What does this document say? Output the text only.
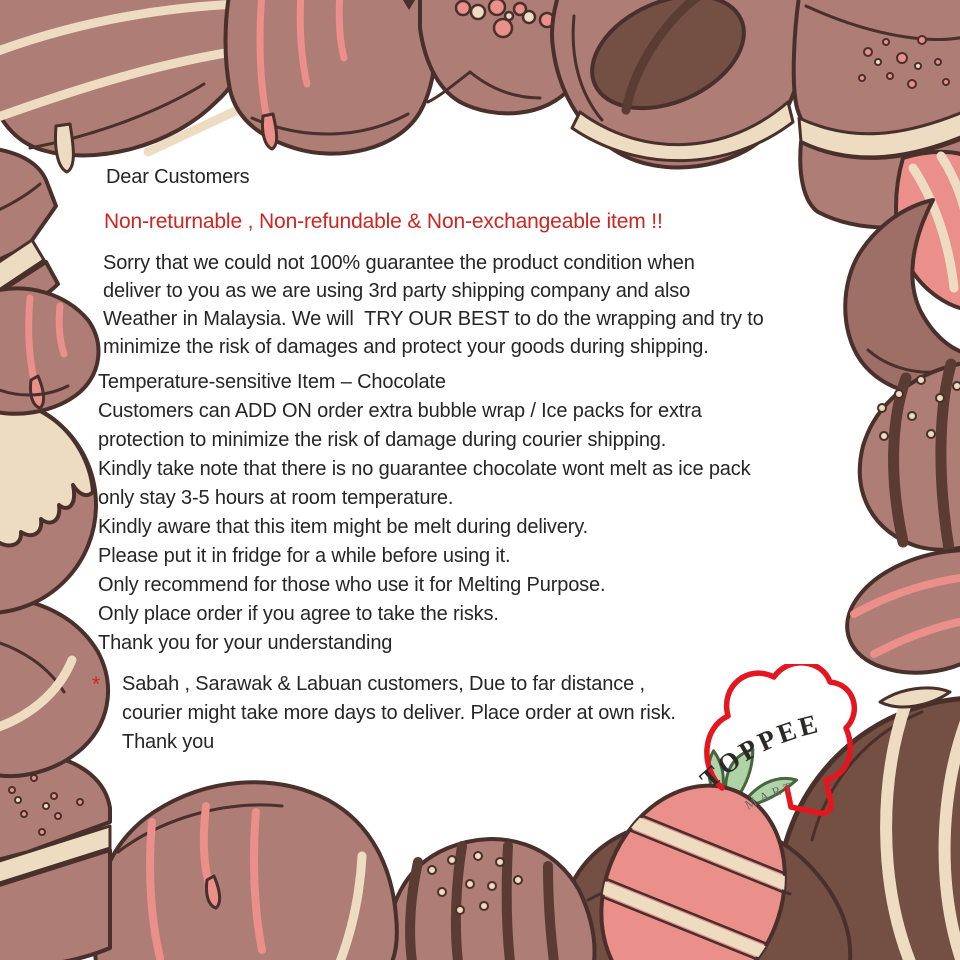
Dear Customers
Non-returnable , Non-refundable & Non-exchangeable item !!
Sorry that we could not 100% guarantee the product condition when
deliver to you as we are using 3rd party shipping company and also
Weather in Malaysia. We will  TRY OUR BEST to do the wrapping and try to
minimize the risk of damages and protect your goods during shipping.
Temperature-sensitive Item – Chocolate
Customers can ADD ON order extra bubble wrap / Ice packs for extra
protection to minimize the risk of damage during courier shipping.
Kindly take note that there is no guarantee chocolate wont melt as ice pack
only stay 3-5 hours at room temperature.
Kindly aware that this item might be melt during delivery.
Please put it in fridge for a while before using it.
Only recommend for those who use it for Melting Purpose.
Only place order if you agree to take the risks.
Thank you for your understanding
*	Sabah , Sarawak & Labuan customers, Due to far distance ,
courier might take more days to deliver. Place order at own risk.
Thank you
TOPPEE
MART
